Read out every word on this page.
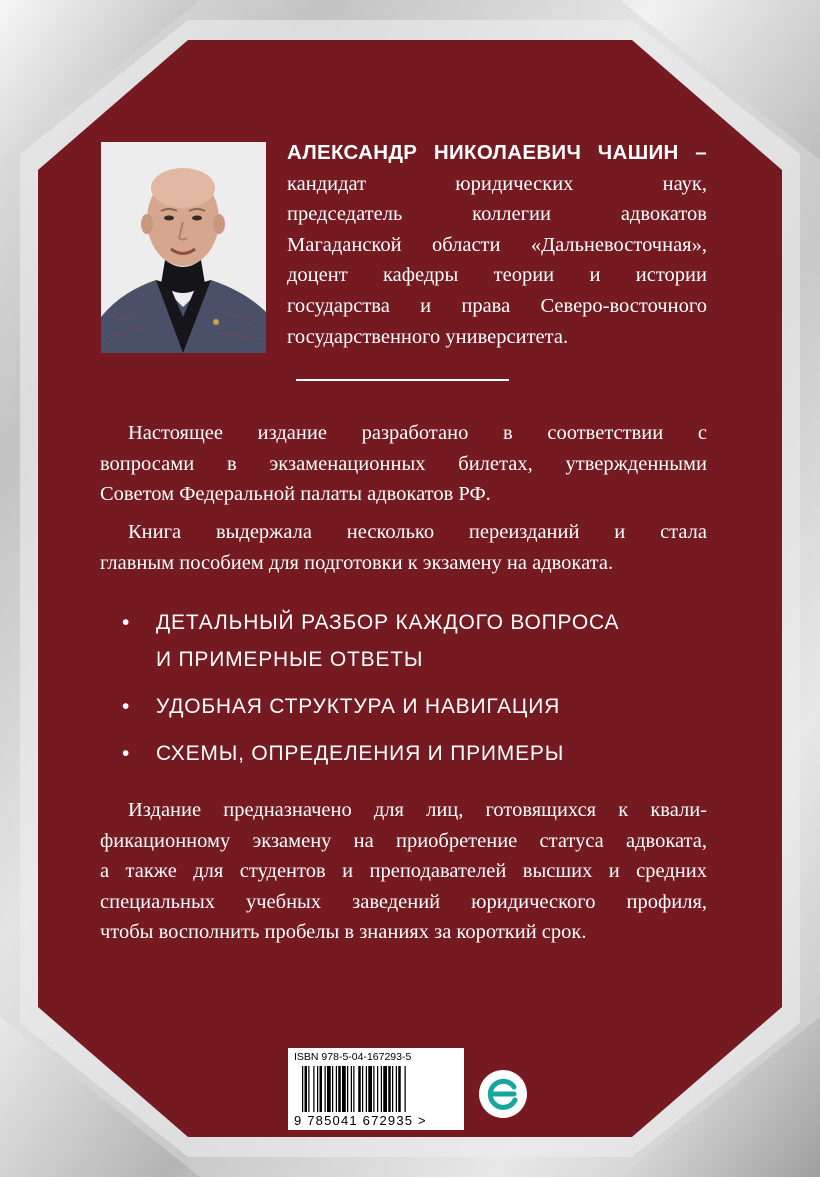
АЛЕКСАНДР НИКОЛАЕВИЧ ЧАШИН –
кандидат юридических наук,
председатель коллегии адвокатов
Магаданской области «Дальневосточная»,
доцент кафедры теории и истории
государства и права Северо-восточного
государственного университета.
Настоящее издание разработано в соответствии с
вопросами в экзаменационных билетах, утвержденными
Советом Федеральной палаты адвокатов РФ.
Книга выдержала несколько переизданий и стала
главным пособием для подготовки к экзамену на адвоката.
• ДЕТАЛЬНЫЙ РАЗБОР КАЖДОГО ВОПРОСА
И ПРИМЕРНЫЕ ОТВЕТЫ
• УДОБНАЯ СТРУКТУРА И НАВИГАЦИЯ
• СХЕМЫ, ОПРЕДЕЛЕНИЯ И ПРИМЕРЫ
Издание предназначено для лиц, готовящихся к квали-
фикационному экзамену на приобретение статуса адвоката,
а также для студентов и преподавателей высших и средних
специальных учебных заведений юридического профиля,
чтобы восполнить пробелы в знаниях за короткий срок.
ISBN 978-5-04-167293-5
9 785041 672935 >
